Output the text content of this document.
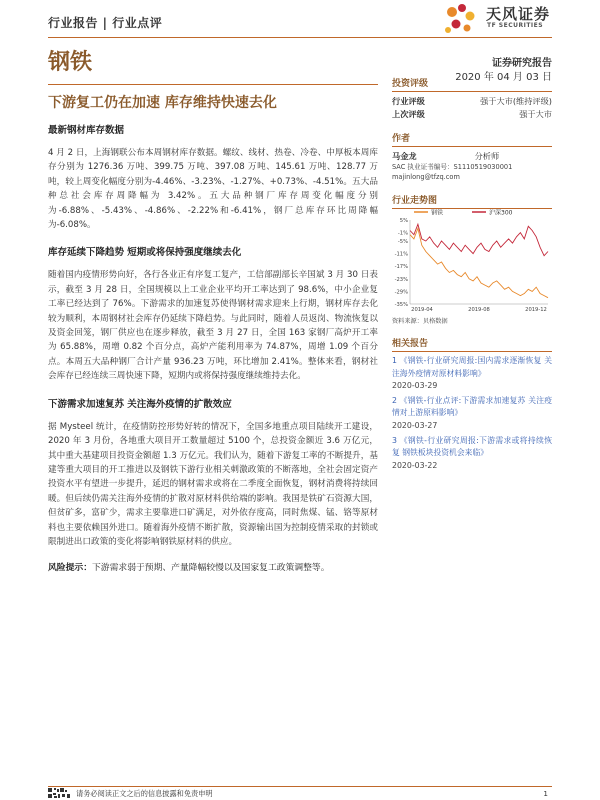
行业报告 | 行业点评	天风证券
TF SECURITIES
钢铁	证券研究报告
2020 年 04 月 03 日
下游复工仍在加速 库存维持快速去化
最新钢材库存数据
4 月 2 日，上海钢联公布本周钢材库存数据。螺纹、线材、热卷、冷卷、中厚板本周库存分别为 1276.36 万吨、399.75 万吨、397.08 万吨、145.61 万吨、128.77 万吨，较上周变化幅度分别为-4.46%、-3.23%、-1.27%、+0.73%、-4.51%。五大品种总社会库存周降幅为 3.42%。五大品种钢厂库存周变化幅度分别为-6.88%、-5.43%、-4.86%、-2.22%和-6.41%，钢厂总库存环比周降幅为-6.08%。
库存延续下降趋势 短期或将保持强度继续去化
随着国内疫情形势向好，各行各业正有序复工复产，工信部副部长辛国斌 3 月 30 日表示，截至 3 月 28 日，全国规模以上工业企业平均开工率达到了 98.6%，中小企业复工率已经达到了 76%。下游需求的加速复苏使得钢材需求迎来上行期，钢材库存去化较为顺利，本周钢材社会库存仍延续下降趋势。与此同时，随着人员返岗、物流恢复以及资金回笼，钢厂供应也在逐步释放，截至 3 月 27 日，全国 163 家钢厂高炉开工率为 65.88%，周增 0.82 个百分点，高炉产能利用率为 74.87%，周增 1.09 个百分点。本周五大品种钢厂合计产量 936.23 万吨，环比增加 2.41%。整体来看，钢材社会库存已经连续三周快速下降，短期内或将保持强度继续维持去化。
下游需求加速复苏 关注海外疫情的扩散效应
据 Mysteel 统计，在疫情防控形势好转的情况下，全国多地重点项目陆续开工建设，2020 年 3 月份，各地重大项目开工数量超过 5100 个，总投资金额近 3.6 万亿元，其中重大基建项目投资金额超 1.3 万亿元。我们认为，随着下游复工率的不断提升，基建等重大项目的开工推进以及钢铁下游行业相关刺激政策的不断落地，全社会固定资产投资水平有望进一步提升，延迟的钢材需求或将在二季度全面恢复，钢材消费将持续回暖。但后续仍需关注海外疫情的扩散对原材料供给端的影响。我国是铁矿石资源大国，但贫矿多，富矿少，需求主要靠进口矿满足，对外依存度高，同时焦煤、锰、铬等原材料也主要依赖国外进口。随着海外疫情不断扩散，资源输出国为控制疫情采取的封锁或限制进出口政策的变化将影响钢铁原材料的供应。
风险提示：下游需求弱于预期、产量降幅较慢以及国家复工政策调整等。
投资评级
行业评级	强于大市(维持评级)
上次评级	强于大市
作者
马金龙	分析师
SAC 执业证书编号：S1110519030001
majinlong@tfzq.com
行业走势图
钢铁	沪深300
5%
-1%
-5%
-11%
-17%
-23%
-29%
-35%
2019-04	2019-08	2019-12
资料来源：贝格数据
相关报告
1 《钢铁-行业研究周报:国内需求逐渐恢复 关注海外疫情对原材料影响》
2020-03-29
2 《钢铁-行业点评:下游需求加速复苏 关注疫情对上游原料影响》
2020-03-27
3 《钢铁-行业研究周报:下游需求或将持续恢复 钢铁板块投资机会来临》
2020-03-22
请务必阅读正文之后的信息披露和免责申明	1
